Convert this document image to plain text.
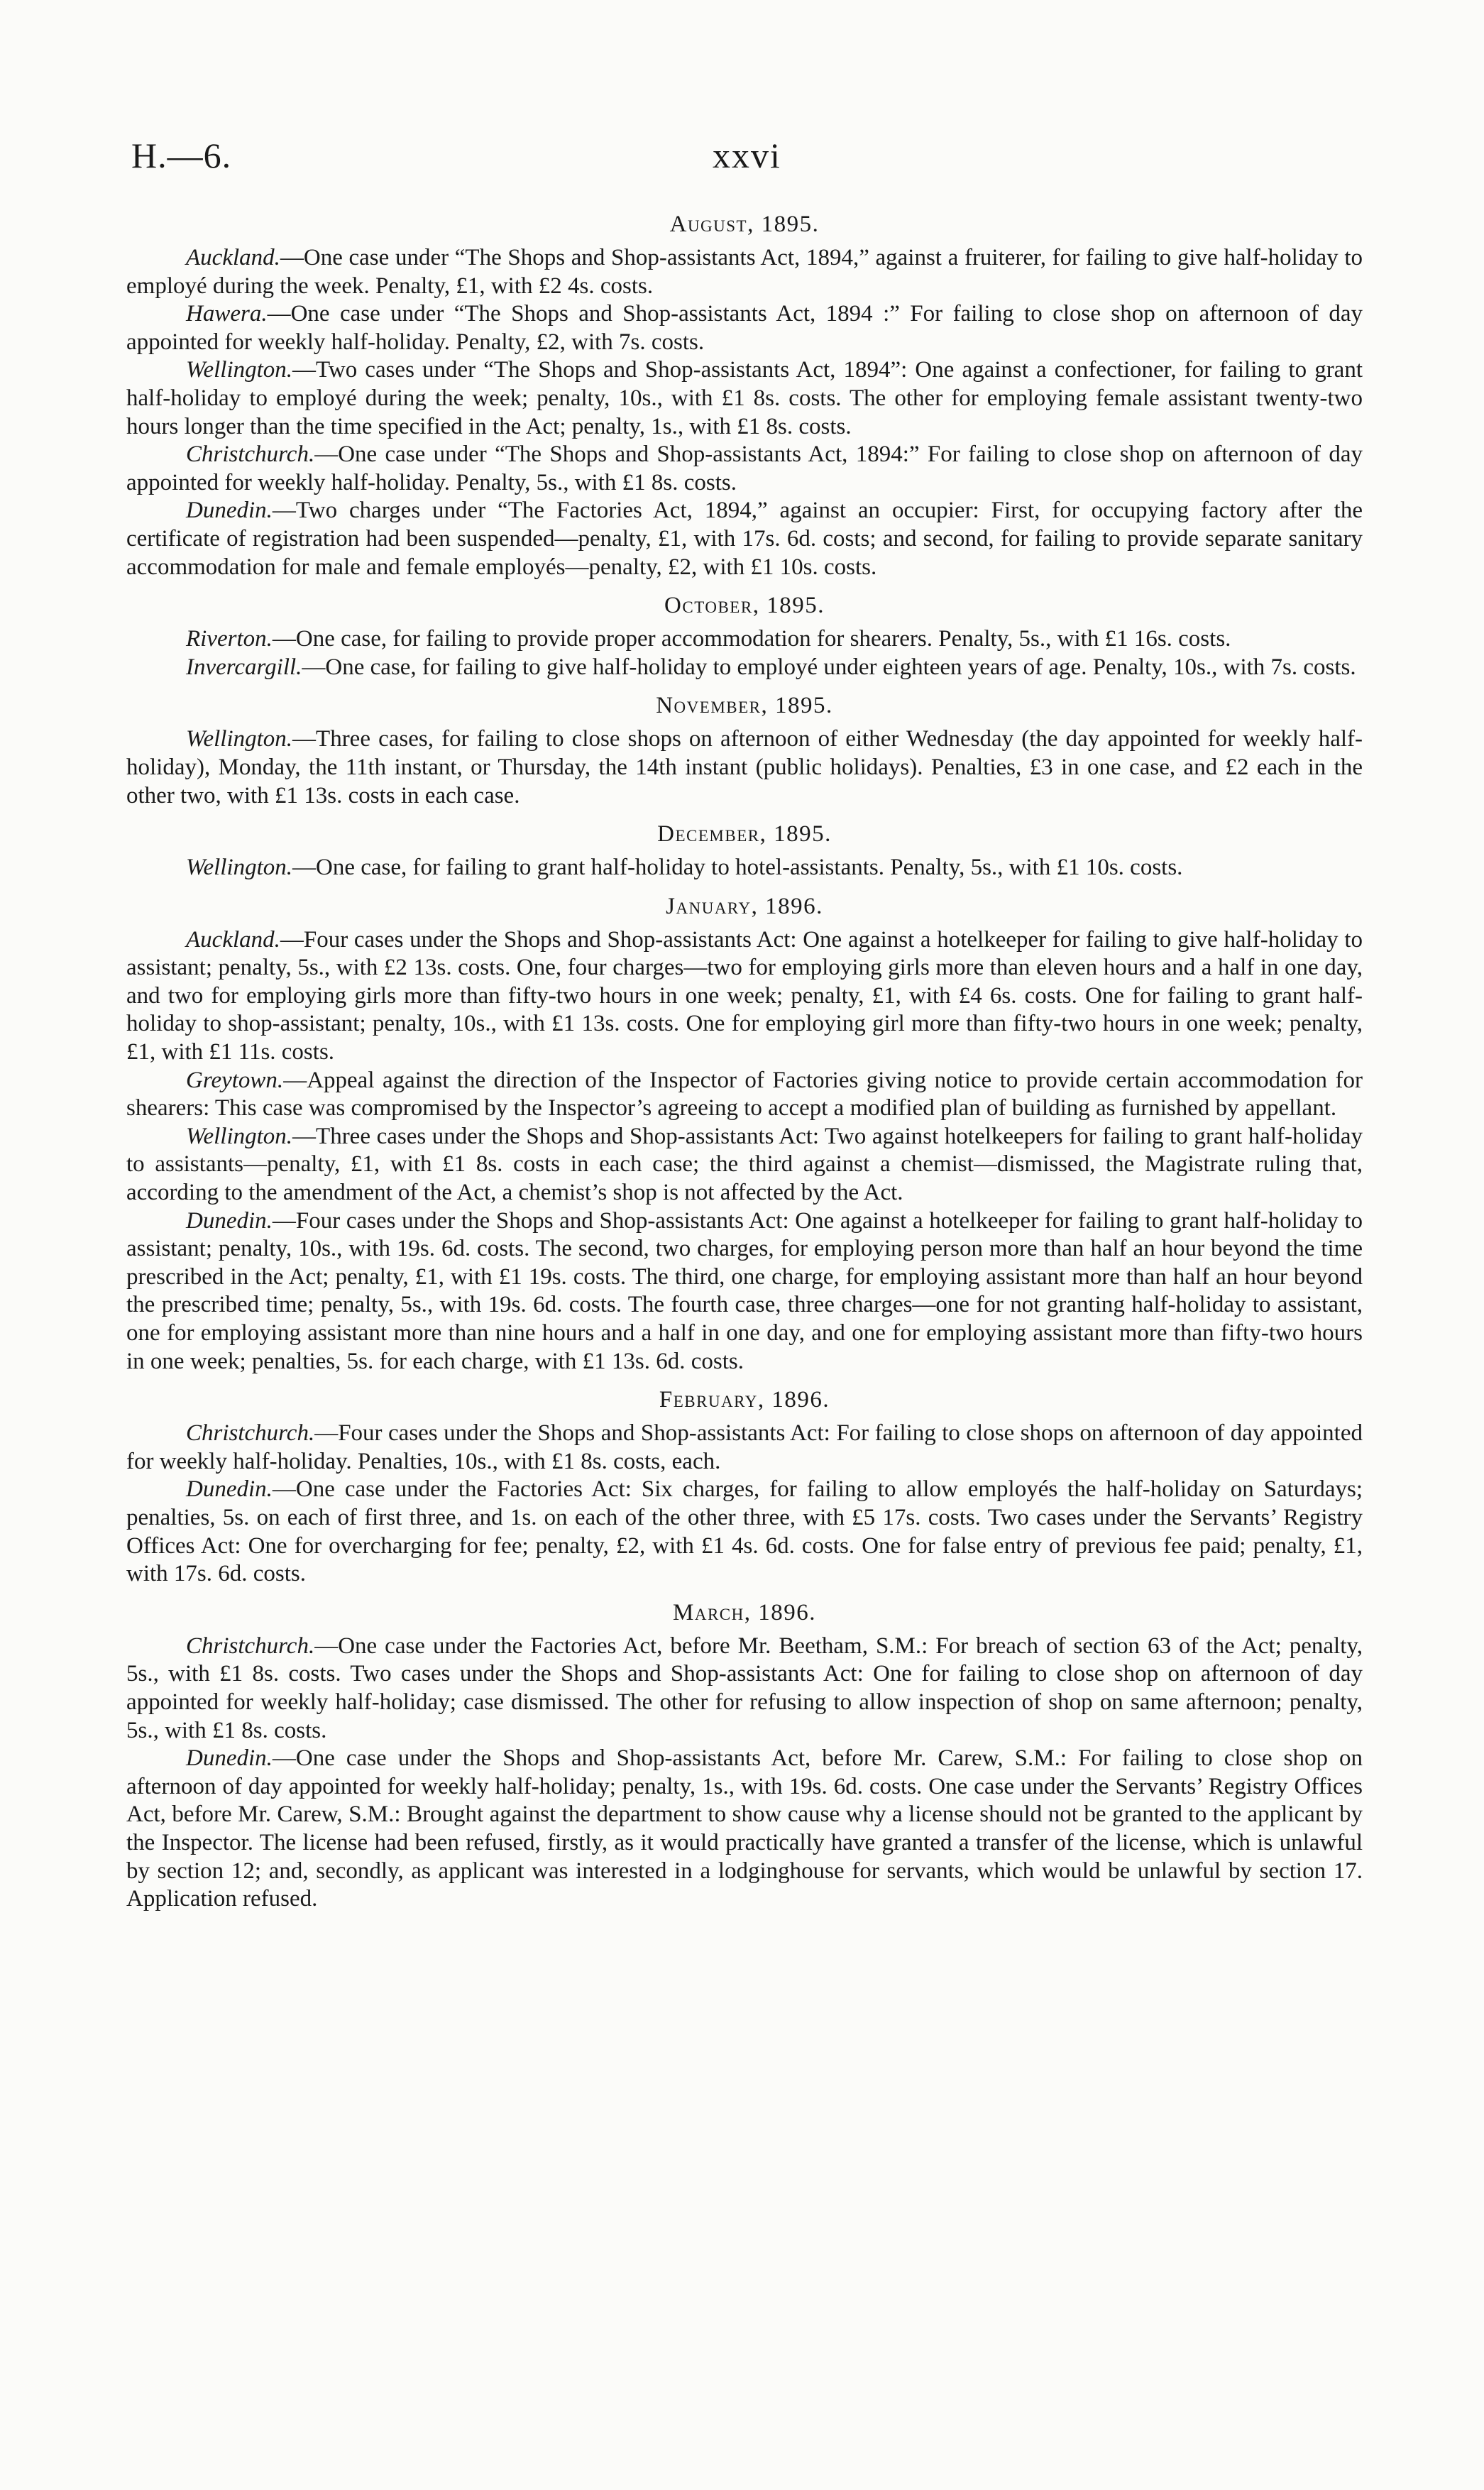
H.—6.	xxvi
August, 1895.

Auckland.—One case under “The Shops and Shop-assistants Act, 1894,” against a fruiterer, for failing to give half-holiday to employé during the week. Penalty, £1, with £2 4s. costs.

Hawera.—One case under “The Shops and Shop-assistants Act, 1894 :” For failing to close shop on afternoon of day appointed for weekly half-holiday. Penalty, £2, with 7s. costs.

Wellington.—Two cases under “The Shops and Shop-assistants Act, 1894”: One against a confectioner, for failing to grant half-holiday to employé during the week; penalty, 10s., with £1 8s. costs. The other for employing female assistant twenty-two hours longer than the time specified in the Act; penalty, 1s., with £1 8s. costs.

Christchurch.—One case under “The Shops and Shop-assistants Act, 1894:” For failing to close shop on afternoon of day appointed for weekly half-holiday. Penalty, 5s., with £1 8s. costs.

Dunedin.—Two charges under “The Factories Act, 1894,” against an occupier: First, for occupying factory after the certificate of registration had been suspended—penalty, £1, with 17s. 6d. costs; and second, for failing to provide separate sanitary accommodation for male and female employés—penalty, £2, with £1 10s. costs.

October, 1895.

Riverton.—One case, for failing to provide proper accommodation for shearers. Penalty, 5s., with £1 16s. costs.

Invercargill.—One case, for failing to give half-holiday to employé under eighteen years of age. Penalty, 10s., with 7s. costs.

November, 1895.

Wellington.—Three cases, for failing to close shops on afternoon of either Wednesday (the day appointed for weekly half-holiday), Monday, the 11th instant, or Thursday, the 14th instant (public holidays). Penalties, £3 in one case, and £2 each in the other two, with £1 13s. costs in each case.

December, 1895.

Wellington.—One case, for failing to grant half-holiday to hotel-assistants. Penalty, 5s., with £1 10s. costs.

January, 1896.

Auckland.—Four cases under the Shops and Shop-assistants Act: One against a hotelkeeper for failing to give half-holiday to assistant; penalty, 5s., with £2 13s. costs. One, four charges—two for employing girls more than eleven hours and a half in one day, and two for employing girls more than fifty-two hours in one week; penalty, £1, with £4 6s. costs. One for failing to grant half-holiday to shop-assistant; penalty, 10s., with £1 13s. costs. One for employing girl more than fifty-two hours in one week; penalty, £1, with £1 11s. costs.

Greytown.—Appeal against the direction of the Inspector of Factories giving notice to provide certain accommodation for shearers: This case was compromised by the Inspector’s agreeing to accept a modified plan of building as furnished by appellant.

Wellington.—Three cases under the Shops and Shop-assistants Act: Two against hotelkeepers for failing to grant half-holiday to assistants—penalty, £1, with £1 8s. costs in each case; the third against a chemist—dismissed, the Magistrate ruling that, according to the amendment of the Act, a chemist’s shop is not affected by the Act.

Dunedin.—Four cases under the Shops and Shop-assistants Act: One against a hotelkeeper for failing to grant half-holiday to assistant; penalty, 10s., with 19s. 6d. costs. The second, two charges, for employing person more than half an hour beyond the time prescribed in the Act; penalty, £1, with £1 19s. costs. The third, one charge, for employing assistant more than half an hour beyond the prescribed time; penalty, 5s., with 19s. 6d. costs. The fourth case, three charges—one for not granting half-holiday to assistant, one for employing assistant more than nine hours and a half in one day, and one for employing assistant more than fifty-two hours in one week; penalties, 5s. for each charge, with £1 13s. 6d. costs.

February, 1896.

Christchurch.—Four cases under the Shops and Shop-assistants Act: For failing to close shops on afternoon of day appointed for weekly half-holiday. Penalties, 10s., with £1 8s. costs, each.

Dunedin.—One case under the Factories Act: Six charges, for failing to allow employés the half-holiday on Saturdays; penalties, 5s. on each of first three, and 1s. on each of the other three, with £5 17s. costs. Two cases under the Servants’ Registry Offices Act: One for overcharging for fee; penalty, £2, with £1 4s. 6d. costs. One for false entry of previous fee paid; penalty, £1, with 17s. 6d. costs.

March, 1896.

Christchurch.—One case under the Factories Act, before Mr. Beetham, S.M.: For breach of section 63 of the Act; penalty, 5s., with £1 8s. costs. Two cases under the Shops and Shop-assistants Act: One for failing to close shop on afternoon of day appointed for weekly half-holiday; case dismissed. The other for refusing to allow inspection of shop on same afternoon; penalty, 5s., with £1 8s. costs.

Dunedin.—One case under the Shops and Shop-assistants Act, before Mr. Carew, S.M.: For failing to close shop on afternoon of day appointed for weekly half-holiday; penalty, 1s., with 19s. 6d. costs. One case under the Servants’ Registry Offices Act, before Mr. Carew, S.M.: Brought against the department to show cause why a license should not be granted to the applicant by the Inspector. The license had been refused, firstly, as it would practically have granted a transfer of the license, which is unlawful by section 12; and, secondly, as applicant was interested in a lodginghouse for servants, which would be unlawful by section 17. Application refused.
